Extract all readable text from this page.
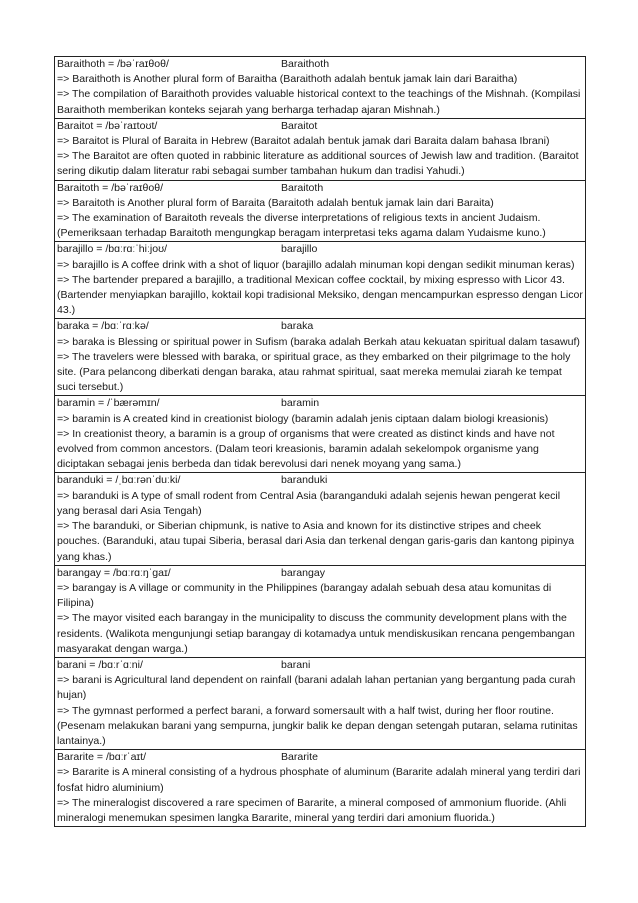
Baraithoth = /bəˈraɪθoθ/	Baraithoth
=> Baraithoth is Another plural form of Baraitha (Baraithoth adalah bentuk jamak lain dari Baraitha)
=> The compilation of Baraithoth provides valuable historical context to the teachings of the Mishnah. (Kompilasi Baraithoth memberikan konteks sejarah yang berharga terhadap ajaran Mishnah.)
Baraitot = /bəˈraɪtoʊt/	Baraitot
=> Baraitot is Plural of Baraita in Hebrew (Baraitot adalah bentuk jamak dari Baraita dalam bahasa Ibrani)
=> The Baraitot are often quoted in rabbinic literature as additional sources of Jewish law and tradition. (Baraitot sering dikutip dalam literatur rabi sebagai sumber tambahan hukum dan tradisi Yahudi.)
Baraitoth = /bəˈraɪθoθ/	Baraitoth
=> Baraitoth is Another plural form of Baraita (Baraitoth adalah bentuk jamak lain dari Baraita)
=> The examination of Baraitoth reveals the diverse interpretations of religious texts in ancient Judaism. (Pemeriksaan terhadap Baraitoth mengungkap beragam interpretasi teks agama dalam Yudaisme kuno.)
barajillo = /bɑːrɑːˈhiːjoʊ/	barajillo
=> barajillo is A coffee drink with a shot of liquor (barajillo adalah minuman kopi dengan sedikit minuman keras)
=> The bartender prepared a barajillo, a traditional Mexican coffee cocktail, by mixing espresso with Licor 43. (Bartender menyiapkan barajillo, koktail kopi tradisional Meksiko, dengan mencampurkan espresso dengan Licor 43.)
baraka = /bɑːˈrɑːkə/	baraka
=> baraka is Blessing or spiritual power in Sufism (baraka adalah Berkah atau kekuatan spiritual dalam tasawuf)
=> The travelers were blessed with baraka, or spiritual grace, as they embarked on their pilgrimage to the holy site. (Para pelancong diberkati dengan baraka, atau rahmat spiritual, saat mereka memulai ziarah ke tempat suci tersebut.)
baramin = /ˈbærəmɪn/	baramin
=> baramin is A created kind in creationist biology (baramin adalah jenis ciptaan dalam biologi kreasionis)
=> In creationist theory, a baramin is a group of organisms that were created as distinct kinds and have not evolved from common ancestors. (Dalam teori kreasionis, baramin adalah sekelompok organisme yang diciptakan sebagai jenis berbeda dan tidak berevolusi dari nenek moyang yang sama.)
baranduki = /ˌbɑːrənˈduːki/	baranduki
=> baranduki is A type of small rodent from Central Asia (baranganduki adalah sejenis hewan pengerat kecil yang berasal dari Asia Tengah)
=> The baranduki, or Siberian chipmunk, is native to Asia and known for its distinctive stripes and cheek pouches. (Baranduki, atau tupai Siberia, berasal dari Asia dan terkenal dengan garis-garis dan kantong pipinya yang khas.)
barangay = /bɑːrɑːŋˈɡaɪ/	barangay
=> barangay is A village or community in the Philippines (barangay adalah sebuah desa atau komunitas di Filipina)
=> The mayor visited each barangay in the municipality to discuss the community development plans with the residents. (Walikota mengunjungi setiap barangay di kotamadya untuk mendiskusikan rencana pengembangan masyarakat dengan warga.)
barani = /bɑːrˈɑːni/	barani
=> barani is Agricultural land dependent on rainfall (barani adalah lahan pertanian yang bergantung pada curah hujan)
=> The gymnast performed a perfect barani, a forward somersault with a half twist, during her floor routine. (Pesenam melakukan barani yang sempurna, jungkir balik ke depan dengan setengah putaran, selama rutinitas lantainya.)
Bararite = /bɑːrˈaɪt/	Bararite
=> Bararite is A mineral consisting of a hydrous phosphate of aluminum (Bararite adalah mineral yang terdiri dari fosfat hidro aluminium)
=> The mineralogist discovered a rare specimen of Bararite, a mineral composed of ammonium fluoride. (Ahli mineralogi menemukan spesimen langka Bararite, mineral yang terdiri dari amonium fluorida.)
